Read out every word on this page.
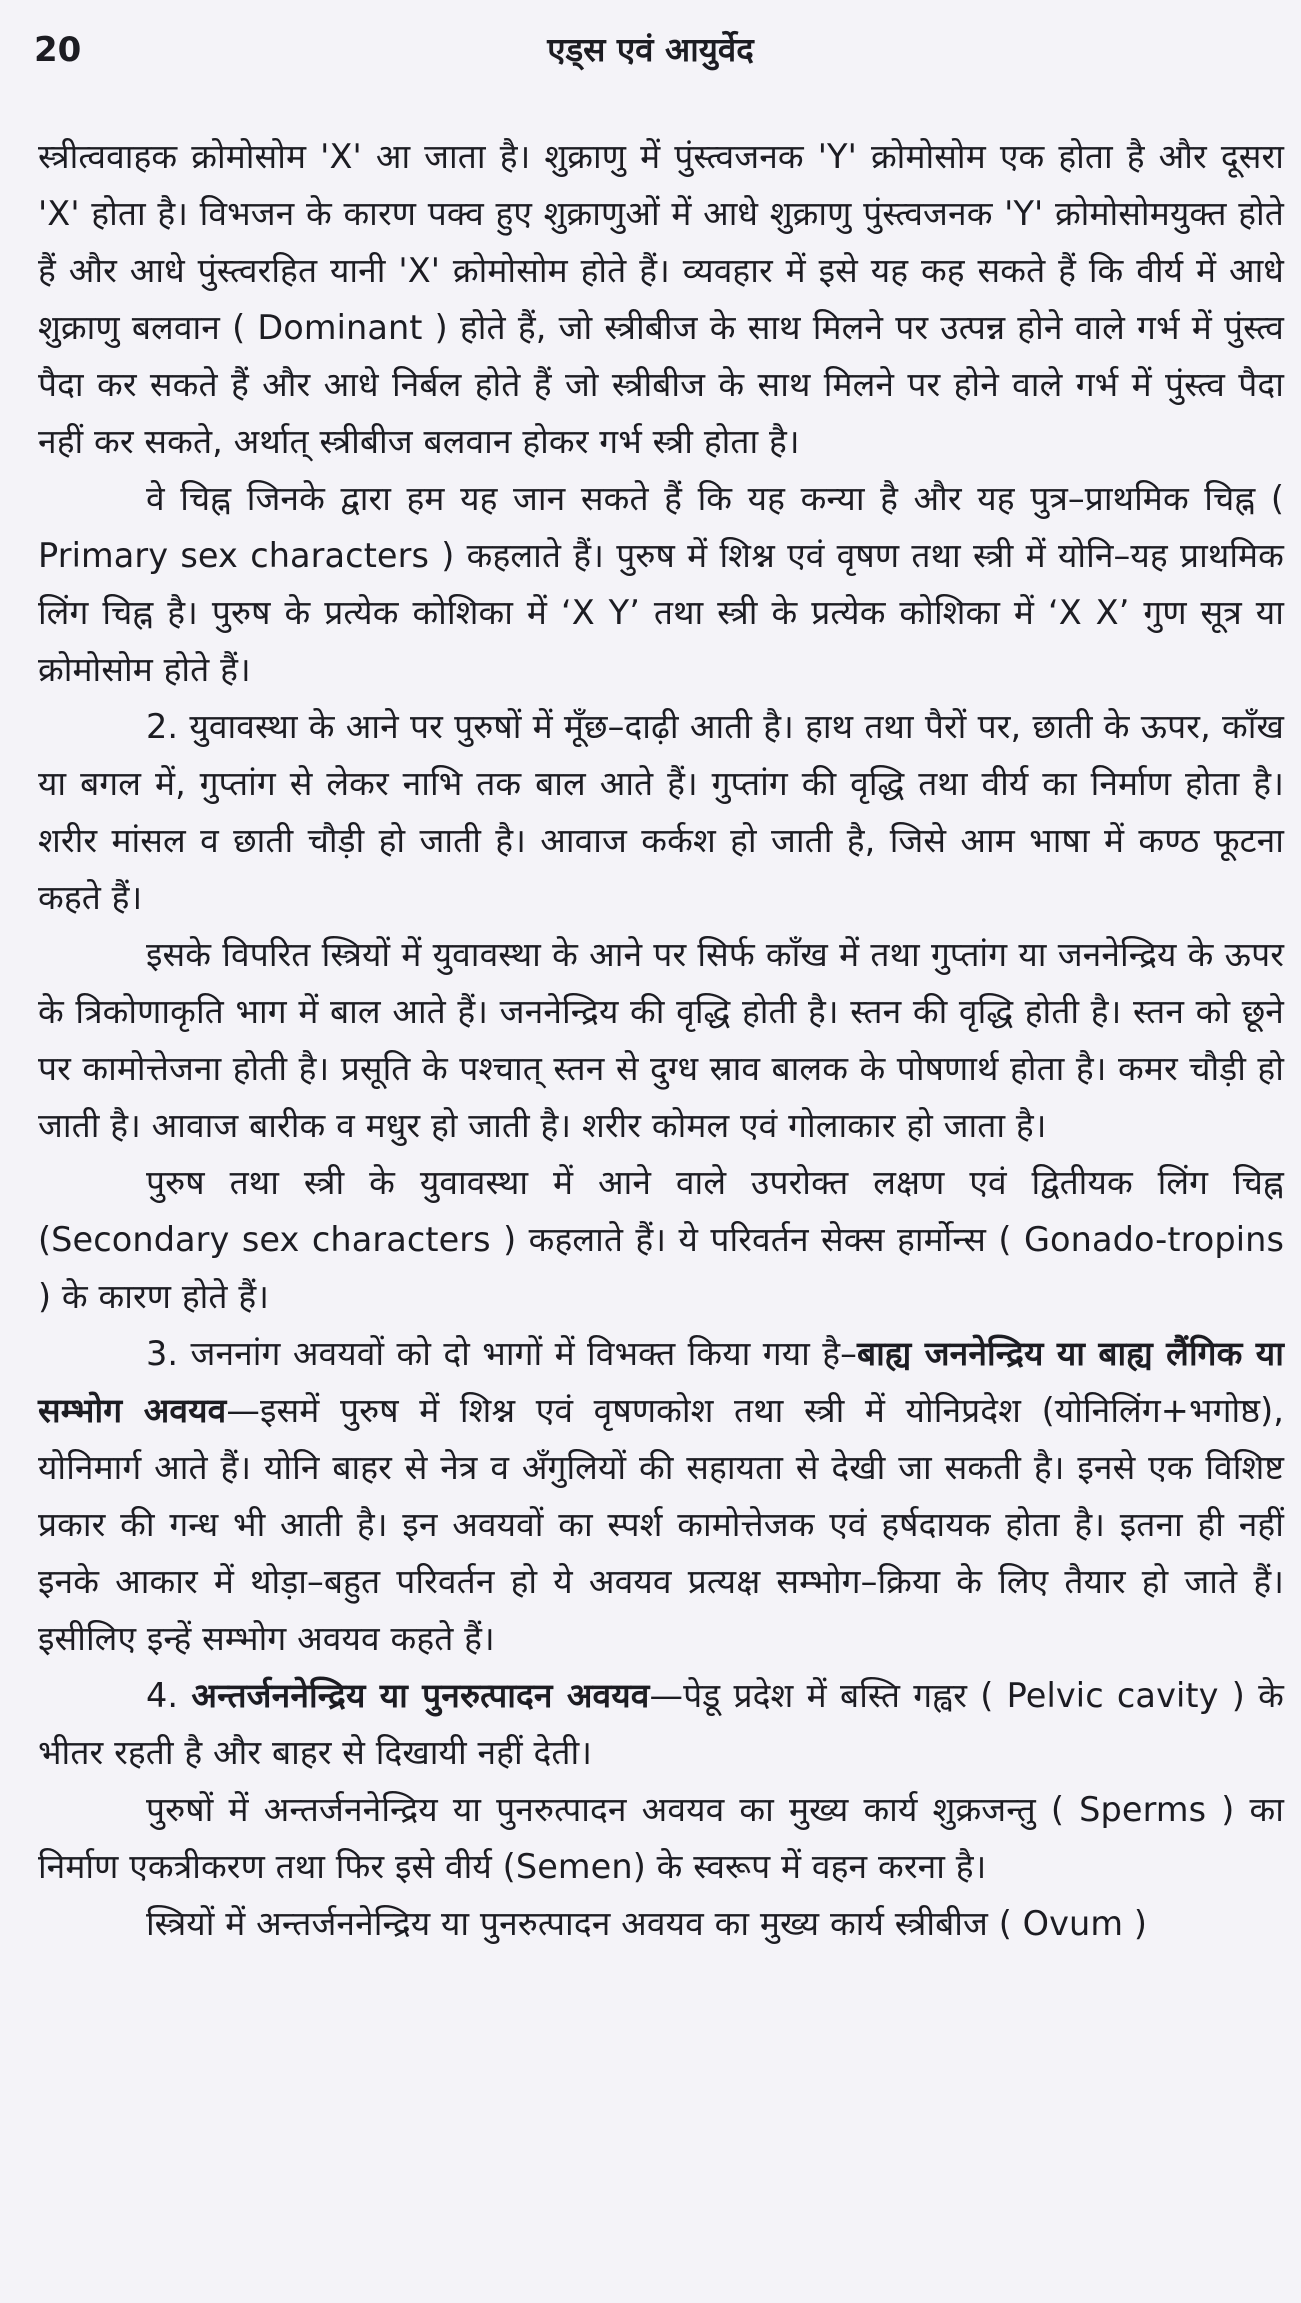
20	एड्स एवं आयुर्वेद

स्त्रीत्ववाहक क्रोमोसोम 'X' आ जाता है। शुक्राणु में पुंस्त्वजनक 'Y' क्रोमोसोम एक होता है और दूसरा 'X' होता है। विभजन के कारण पक्व हुए शुक्राणुओं में आधे शुक्राणु पुंस्त्वजनक 'Y' क्रोमोसोमयुक्त होते हैं और आधे पुंस्त्वरहित यानी 'X' क्रोमोसोम होते हैं। व्यवहार में इसे यह कह सकते हैं कि वीर्य में आधे शुक्राणु बलवान ( Dominant ) होते हैं, जो स्त्रीबीज के साथ मिलने पर उत्पन्न होने वाले गर्भ में पुंस्त्व पैदा कर सकते हैं और आधे निर्बल होते हैं जो स्त्रीबीज के साथ मिलने पर होने वाले गर्भ में पुंस्त्व पैदा नहीं कर सकते, अर्थात् स्त्रीबीज बलवान होकर गर्भ स्त्री होता है।

वे चिह्न जिनके द्वारा हम यह जान सकते हैं कि यह कन्या है और यह पुत्र–प्राथमिक चिह्न ( Primary sex characters ) कहलाते हैं। पुरुष में शिश्न एवं वृषण तथा स्त्री में योनि–यह प्राथमिक लिंग चिह्न है। पुरुष के प्रत्येक कोशिका में ‘X Y’ तथा स्त्री के प्रत्येक कोशिका में ‘X X’ गुण सूत्र या क्रोमोसोम होते हैं।

2. युवावस्था के आने पर पुरुषों में मूँछ–दाढ़ी आती है। हाथ तथा पैरों पर, छाती के ऊपर, काँख या बगल में, गुप्तांग से लेकर नाभि तक बाल आते हैं। गुप्तांग की वृद्धि तथा वीर्य का निर्माण होता है। शरीर मांसल व छाती चौड़ी हो जाती है। आवाज कर्कश हो जाती है, जिसे आम भाषा में कण्ठ फूटना कहते हैं।

इसके विपरित स्त्रियों में युवावस्था के आने पर सिर्फ काँख में तथा गुप्तांग या जननेन्द्रिय के ऊपर के त्रिकोणाकृति भाग में बाल आते हैं। जननेन्द्रिय की वृद्धि होती है। स्तन की वृद्धि होती है। स्तन को छूने पर कामोत्तेजना होती है। प्रसूति के पश्चात् स्तन से दुग्ध स्राव बालक के पोषणार्थ होता है। कमर चौड़ी हो जाती है। आवाज बारीक व मधुर हो जाती है। शरीर कोमल एवं गोलाकार हो जाता है।

पुरुष तथा स्त्री के युवावस्था में आने वाले उपरोक्त लक्षण एवं द्वितीयक लिंग चिह्न (Secondary sex characters ) कहलाते हैं। ये परिवर्तन सेक्स हार्मोन्स ( Gonado-tropins ) के कारण होते हैं।

3. जननांग अवयवों को दो भागों में विभक्त किया गया है–बाह्य जननेन्द्रिय या बाह्य लैंगिक या सम्भोग अवयव—इसमें पुरुष में शिश्न एवं वृषणकोश तथा स्त्री में योनिप्रदेश (योनिलिंग+भगोष्ठ), योनिमार्ग आते हैं। योनि बाहर से नेत्र व अँगुलियों की सहायता से देखी जा सकती है। इनसे एक विशिष्ट प्रकार की गन्ध भी आती है। इन अवयवों का स्पर्श कामोत्तेजक एवं हर्षदायक होता है। इतना ही नहीं इनके आकार में थोड़ा–बहुत परिवर्तन हो ये अवयव प्रत्यक्ष सम्भोग–क्रिया के लिए तैयार हो जाते हैं। इसीलिए इन्हें सम्भोग अवयव कहते हैं।

4. अन्तर्जननेन्द्रिय या पुनरुत्पादन अवयव—पेडू प्रदेश में बस्ति गह्वर ( Pelvic cavity ) के भीतर रहती है और बाहर से दिखायी नहीं देती।

पुरुषों में अन्तर्जननेन्द्रिय या पुनरुत्पादन अवयव का मुख्य कार्य शुक्रजन्तु ( Sperms ) का निर्माण एकत्रीकरण तथा फिर इसे वीर्य (Semen) के स्वरूप में वहन करना है।

स्त्रियों में अन्तर्जननेन्द्रिय या पुनरुत्पादन अवयव का मुख्य कार्य स्त्रीबीज ( Ovum )
